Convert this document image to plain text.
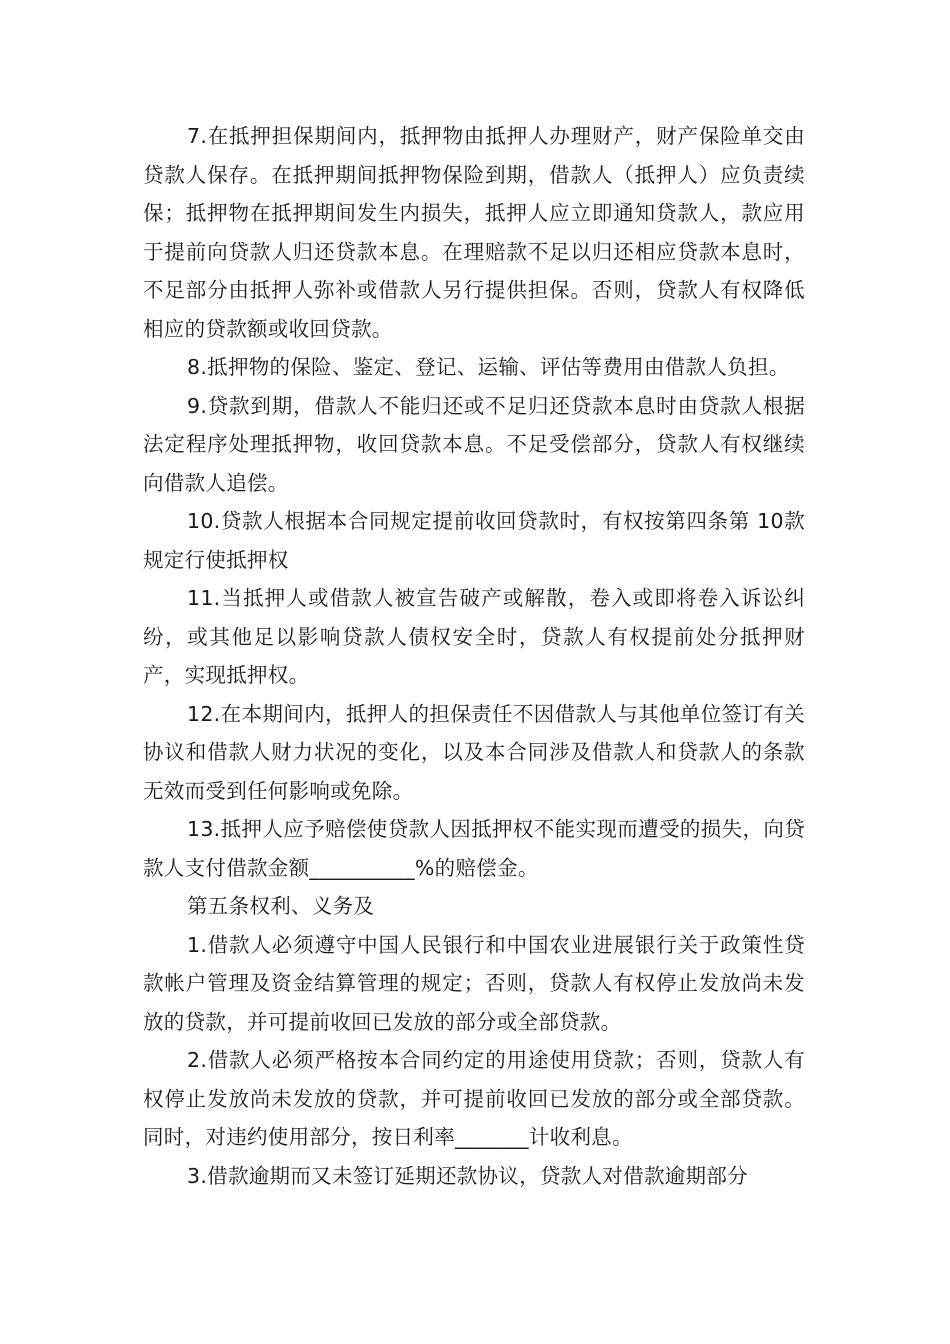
7.在抵押担保期间内，抵押物由抵押人办理财产，财产保险单交由贷款人保存。在抵押期间抵押物保险到期，借款人（抵押人）应负责续保；抵押物在抵押期间发生内损失，抵押人应立即通知贷款人，款应用于提前向贷款人归还贷款本息。在理赔款不足以归还相应贷款本息时，不足部分由抵押人弥补或借款人另行提供担保。否则，贷款人有权降低相应的贷款额或收回贷款。

8.抵押物的保险、鉴定、登记、运输、评估等费用由借款人负担。

9.贷款到期，借款人不能归还或不足归还贷款本息时由贷款人根据法定程序处理抵押物，收回贷款本息。不足受偿部分，贷款人有权继续向借款人追偿。

10.贷款人根据本合同规定提前收回贷款时，有权按第四条第 10款规定行使抵押权

11.当抵押人或借款人被宣告破产或解散，卷入或即将卷入诉讼纠纷，或其他足以影响贷款人债权安全时，贷款人有权提前处分抵押财产，实现抵押权。

12.在本期间内，抵押人的担保责任不因借款人与其他单位签订有关协议和借款人财力状况的变化，以及本合同涉及借款人和贷款人的条款无效而受到任何影响或免除。

13.抵押人应予赔偿使贷款人因抵押权不能实现而遭受的损失，向贷款人支付借款金额__________%的赔偿金。

第五条权利、义务及

1.借款人必须遵守中国人民银行和中国农业进展银行关于政策性贷款帐户管理及资金结算管理的规定；否则，贷款人有权停止发放尚未发放的贷款，并可提前收回已发放的部分或全部贷款。

2.借款人必须严格按本合同约定的用途使用贷款；否则，贷款人有权停止发放尚未发放的贷款，并可提前收回已发放的部分或全部贷款。同时，对违约使用部分，按日利率_______计收利息。

3.借款逾期而又未签订延期还款协议，贷款人对借款逾期部分
